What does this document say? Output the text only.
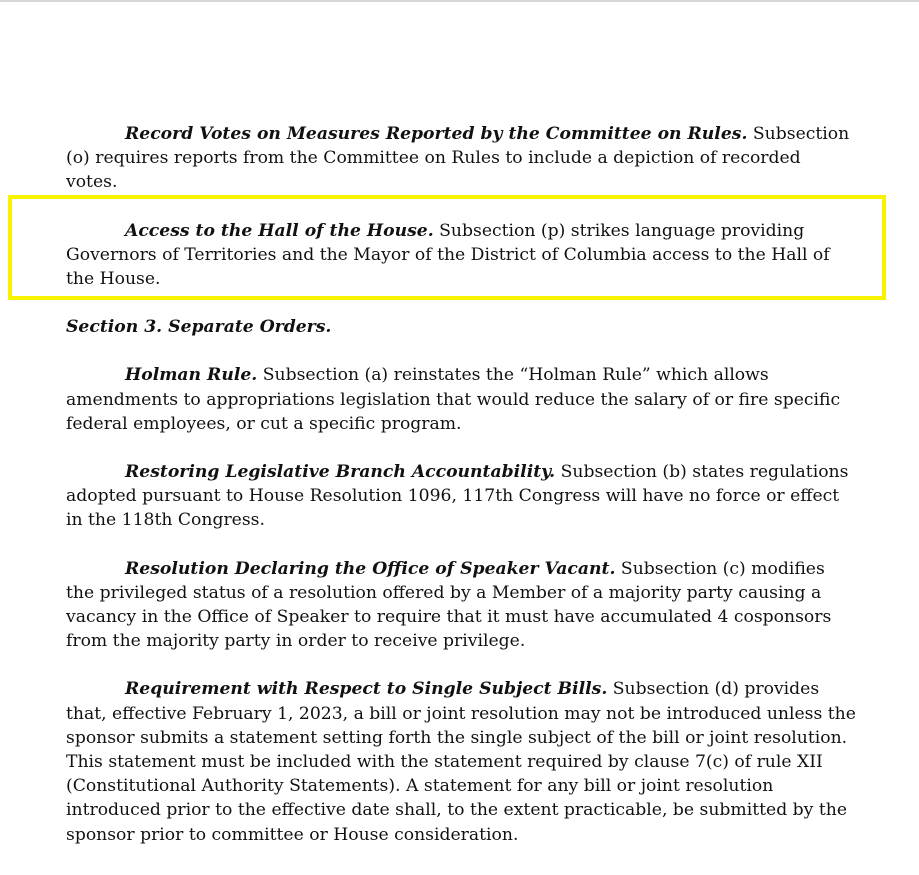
Record Votes on Measures Reported by the Committee on Rules. Subsection (o) requires reports from the Committee on Rules to include a depiction of recorded votes.

Access to the Hall of the House. Subsection (p) strikes language providing Governors of Territories and the Mayor of the District of Columbia access to the Hall of the House.

Section 3. Separate Orders.

Holman Rule. Subsection (a) reinstates the “Holman Rule” which allows amendments to appropriations legislation that would reduce the salary of or fire specific federal employees, or cut a specific program.

Restoring Legislative Branch Accountability. Subsection (b) states regulations adopted pursuant to House Resolution 1096, 117th Congress will have no force or effect in the 118th Congress.

Resolution Declaring the Office of Speaker Vacant. Subsection (c) modifies the privileged status of a resolution offered by a Member of a majority party causing a vacancy in the Office of Speaker to require that it must have accumulated 4 cosponsors from the majority party in order to receive privilege.

Requirement with Respect to Single Subject Bills. Subsection (d) provides that, effective February 1, 2023, a bill or joint resolution may not be introduced unless the sponsor submits a statement setting forth the single subject of the bill or joint resolution. This statement must be included with the statement required by clause 7(c) of rule XII (Constitutional Authority Statements). A statement for any bill or joint resolution introduced prior to the effective date shall, to the extent practicable, be submitted by the sponsor prior to committee or House consideration.
